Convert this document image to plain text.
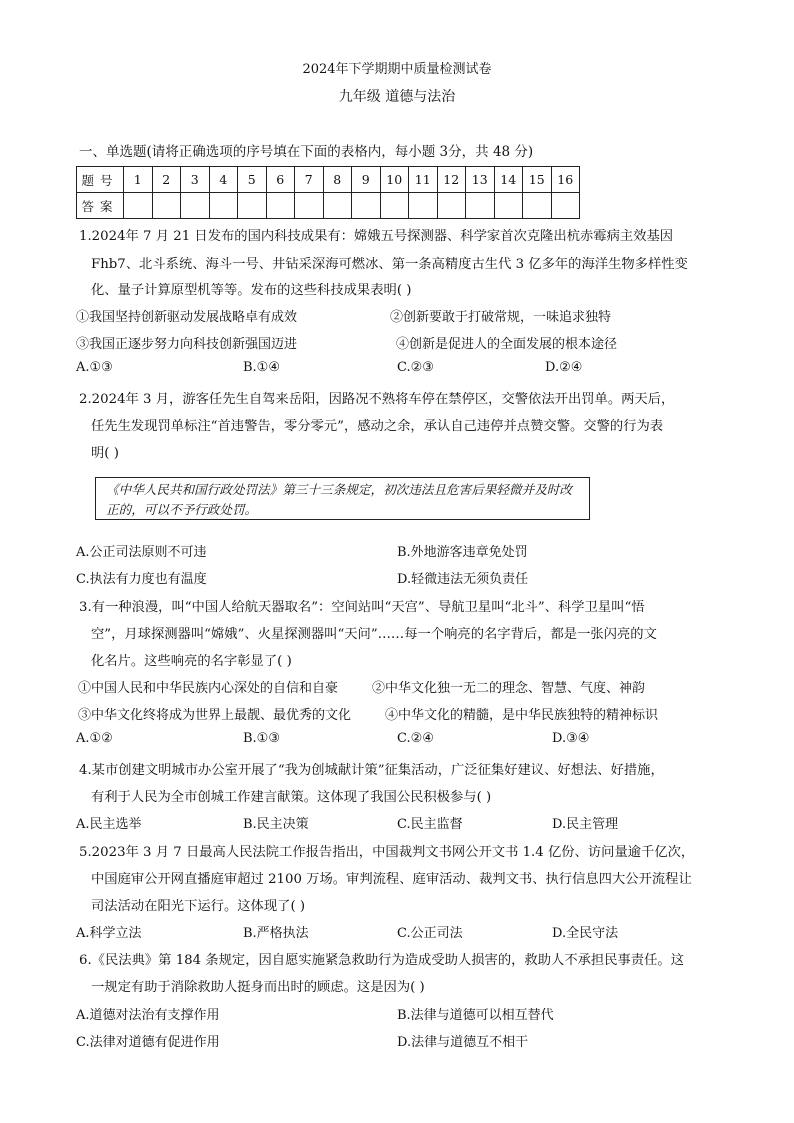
2024年下学期期中质量检测试卷
九年级 道德与法治
一、单选题(请将正确选项的序号填在下面的表格内，每小题 3分，共 48 分)
题号	1	2	3	4	5	6	7	8	9	10	11	12	13	14	15	16
答案																
1.2024年 7 月 21 日发布的国内科技成果有：嫦娥五号探测器、科学家首次克隆出杭赤霉病主效基因
Fhb7、北斗系统、海斗一号、井钻采深海可燃冰、第一条高精度古生代 3 亿多年的海洋生物多样性变
化、量子计算原型机等等。发布的这些科技成果表明( )
①我国坚持创新驱动发展战略卓有成效	②创新要敢于打破常规，一味追求独特
③我国正逐步努力向科技创新强国迈进	④创新是促进人的全面发展的根本途径
A.①③	B.①④	C.②③	D.②④
2.2024年 3 月，游客任先生自驾来岳阳，因路况不熟将车停在禁停区，交警依法开出罚单。两天后，
任先生发现罚单标注“首违警告，零分零元”，感动之余，承认自己违停并点赞交警。交警的行为表
明( )
《中华人民共和国行政处罚法》第三十三条规定，初次违法且危害后果轻微并及时改正的，可以不予行政处罚。
A.公正司法原则不可违	B.外地游客违章免处罚
C.执法有力度也有温度	D.轻微违法无须负责任
3.有一种浪漫，叫“中国人给航天器取名”：空间站叫“天宫”、导航卫星叫“北斗”、科学卫星叫“悟
空”，月球探测器叫“嫦娥”、火星探测器叫“天问”……每一个响亮的名字背后，都是一张闪亮的文
化名片。这些响亮的名字彰显了( )
①中国人民和中华民族内心深处的自信和自豪	②中华文化独一无二的理念、智慧、气度、神韵
③中华文化终将成为世界上最靓、最优秀的文化	④中华文化的精髓，是中华民族独特的精神标识
A.①②	B.①③	C.②④	D.③④
4.某市创建文明城市办公室开展了“我为创城献计策”征集活动，广泛征集好建议、好想法、好措施，
有利于人民为全市创城工作建言献策。这体现了我国公民积极参与( )
A.民主选举	B.民主决策	C.民主监督	D.民主管理
5.2023年 3 月 7 日最高人民法院工作报告指出，中国裁判文书网公开文书 1.4 亿份、访问量逾千亿次，
中国庭审公开网直播庭审超过 2100 万场。审判流程、庭审活动、裁判文书、执行信息四大公开流程让
司法活动在阳光下运行。这体现了( )
A.科学立法	B.严格执法	C.公正司法	D.全民守法
6.《民法典》第 184 条规定，因自愿实施紧急救助行为造成受助人损害的，救助人不承担民事责任。这
一规定有助于消除救助人挺身而出时的顾虑。这是因为( )
A.道德对法治有支撑作用	B.法律与道德可以相互替代
C.法律对道德有促进作用	D.法律与道德互不相干
